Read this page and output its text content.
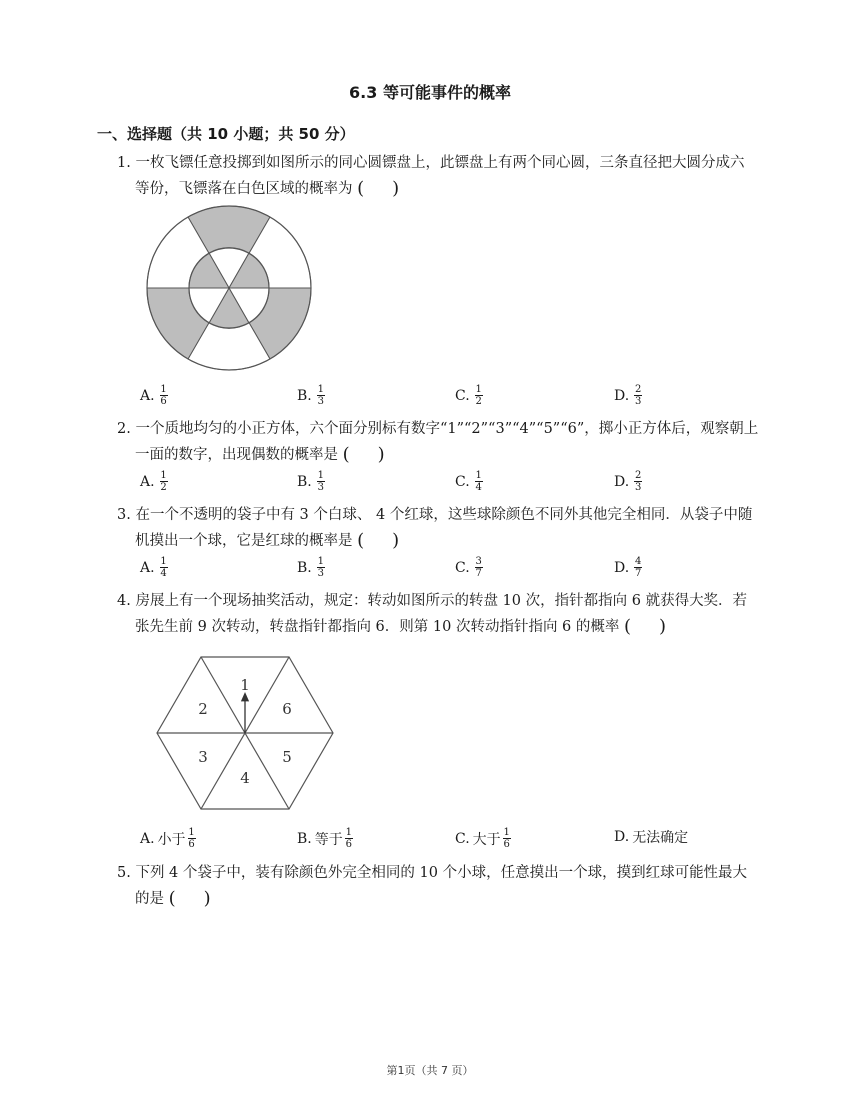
6.3 等可能事件的概率
一、选择题（共 10 小题；共 50 分）
1. 一枚飞镖任意投掷到如图所示的同心圆镖盘上，此镖盘上有两个同心圆，三条直径把大圆分成六
等份，飞镖落在白色区域的概率为 ( )
A. $\frac{1}{6}$	B. $\frac{1}{3}$	C. $\frac{1}{2}$	D. $\frac{2}{3}$
2. 一个质地均匀的小正方体，六个面分别标有数字“1”“2”“3”“4”“5”“6”，掷小正方体后，观察朝上
一面的数字，出现偶数的概率是 ( )
A. $\frac{1}{2}$	B. $\frac{1}{3}$	C. $\frac{1}{4}$	D. $\frac{2}{3}$
3. 在一个不透明的袋子中有 3 个白球、 4 个红球，这些球除颜色不同外其他完全相同．从袋子中随
机摸出一个球，它是红球的概率是 ( )
A. $\frac{1}{4}$	B. $\frac{1}{3}$	C. $\frac{3}{7}$	D. $\frac{4}{7}$
4. 房展上有一个现场抽奖活动，规定：转动如图所示的转盘 10 次，指针都指向 6 就获得大奖．若
张先生前 9 次转动，转盘指针都指向 6．则第 10 次转动指针指向 6 的概率 ( )
1
6
5
4
3
2
A. 小于 $\frac{1}{6}$	B. 等于 $\frac{1}{6}$	C. 大于 $\frac{1}{6}$	D. 无法确定
5. 下列 4 个袋子中，装有除颜色外完全相同的 10 个小球，任意摸出一个球，摸到红球可能性最大
的是 ( )
第1页（共 7 页）
